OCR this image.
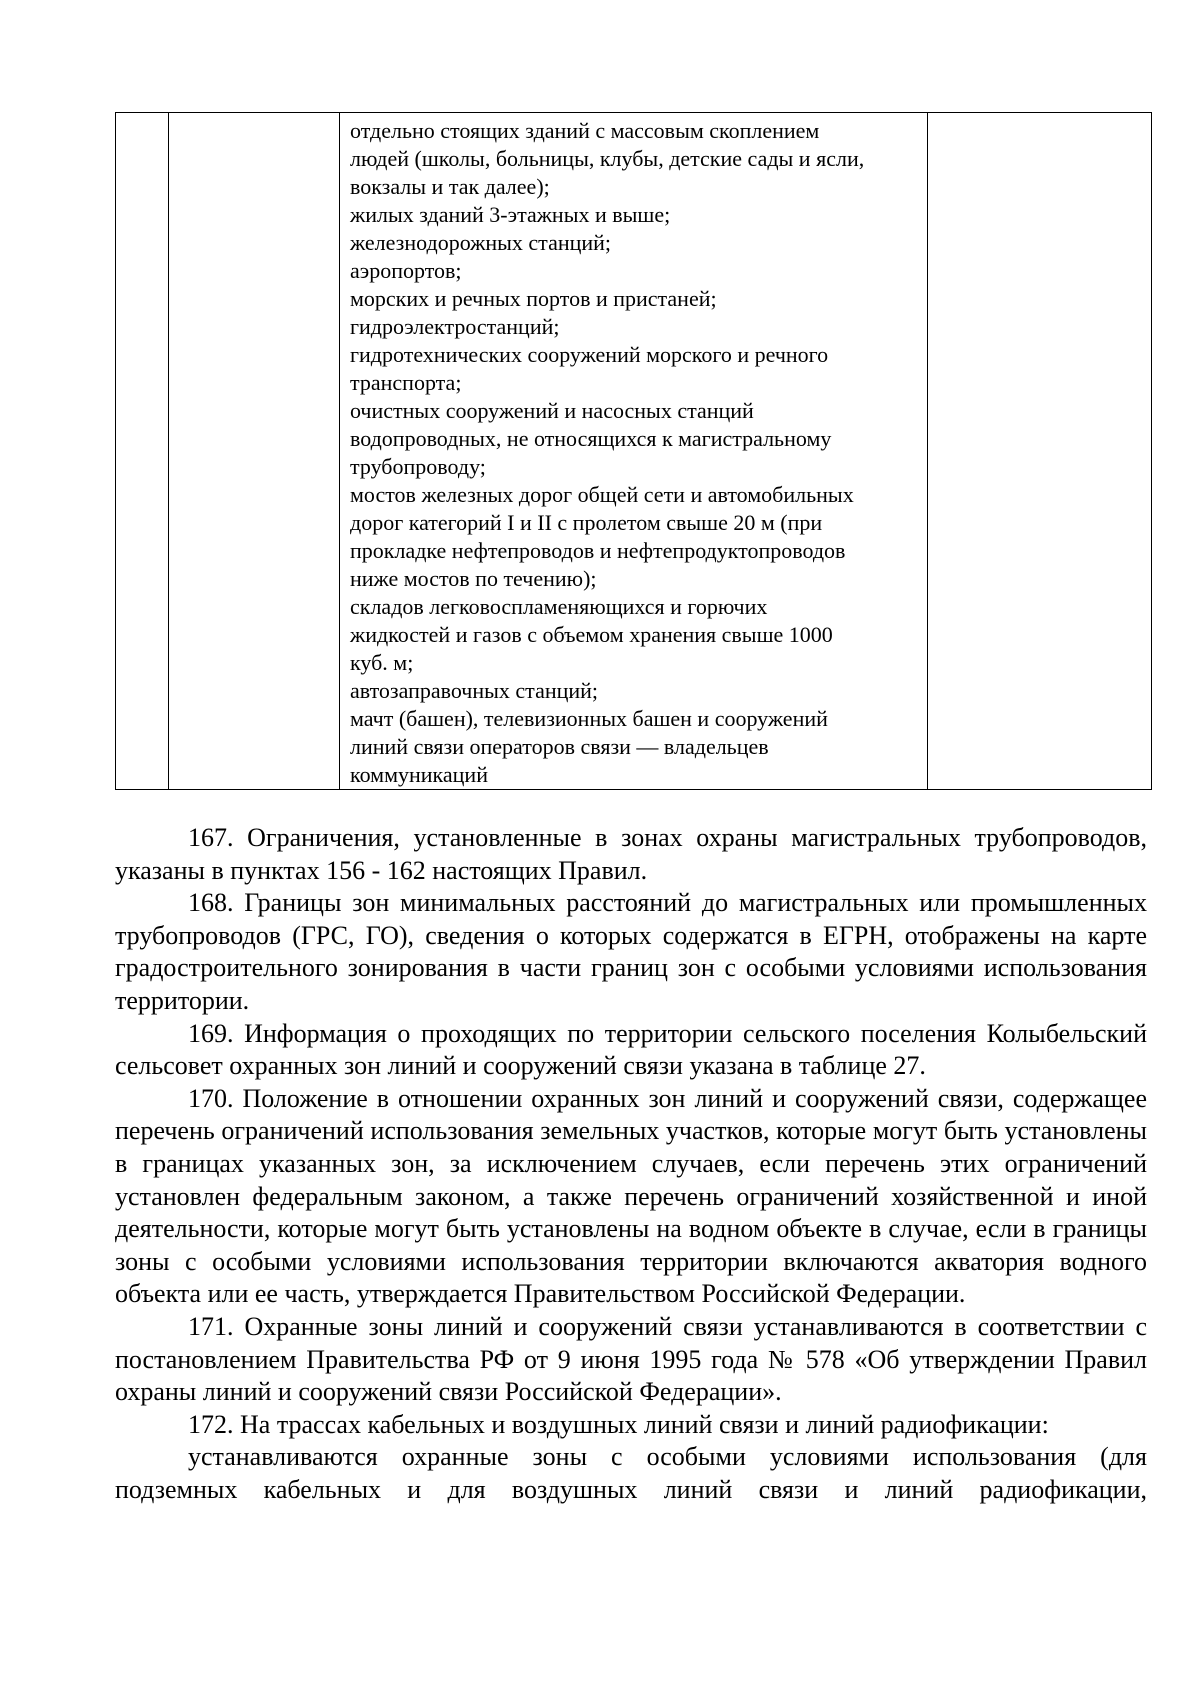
отдельно стоящих зданий с массовым скоплением
людей (школы, больницы, клубы, детские сады и ясли,
вокзалы и так далее);
жилых зданий 3-этажных и выше;
железнодорожных станций;
аэропортов;
морских и речных портов и пристаней;
гидроэлектростанций;
гидротехнических сооружений морского и речного
транспорта;
очистных сооружений и насосных станций
водопроводных, не относящихся к магистральному
трубопроводу;
мостов железных дорог общей сети и автомобильных
дорог категорий I и II с пролетом свыше 20 м (при
прокладке нефтепроводов и нефтепродуктопроводов
ниже мостов по течению);
складов легковоспламеняющихся и горючих
жидкостей и газов с объемом хранения свыше 1000
куб. м;
автозаправочных станций;
мачт (башен), телевизионных башен и сооружений
линий связи операторов связи — владельцев
коммуникаций

167. Ограничения, установленные в зонах охраны магистральных трубопроводов, указаны в пунктах 156 - 162 настоящих Правил.

168. Границы зон минимальных расстояний до магистральных или промышленных трубопроводов (ГРС, ГО), сведения о которых содержатся в ЕГРН, отображены на карте градостроительного зонирования в части границ зон с особыми условиями использования территории.

169. Информация о проходящих по территории сельского поселения Колыбельский сельсовет охранных зон линий и сооружений связи указана в таблице 27.

170. Положение в отношении охранных зон линий и сооружений связи, содержащее перечень ограничений использования земельных участков, которые могут быть установлены в границах указанных зон, за исключением случаев, если перечень этих ограничений установлен федеральным законом, а также перечень ограничений хозяйственной и иной деятельности, которые могут быть установлены на водном объекте в случае, если в границы зоны с особыми условиями использования территории включаются акватория водного объекта или ее часть, утверждается Правительством Российской Федерации.

171. Охранные зоны линий и сооружений связи устанавливаются в соответствии с постановлением Правительства РФ от 9 июня 1995 года № 578 «Об утверждении Правил охраны линий и сооружений связи Российской Федерации».

172. На трассах кабельных и воздушных линий связи и линий радиофикации:

устанавливаются охранные зоны с особыми условиями использования (для подземных кабельных и для воздушных линий связи и линий радиофикации,
